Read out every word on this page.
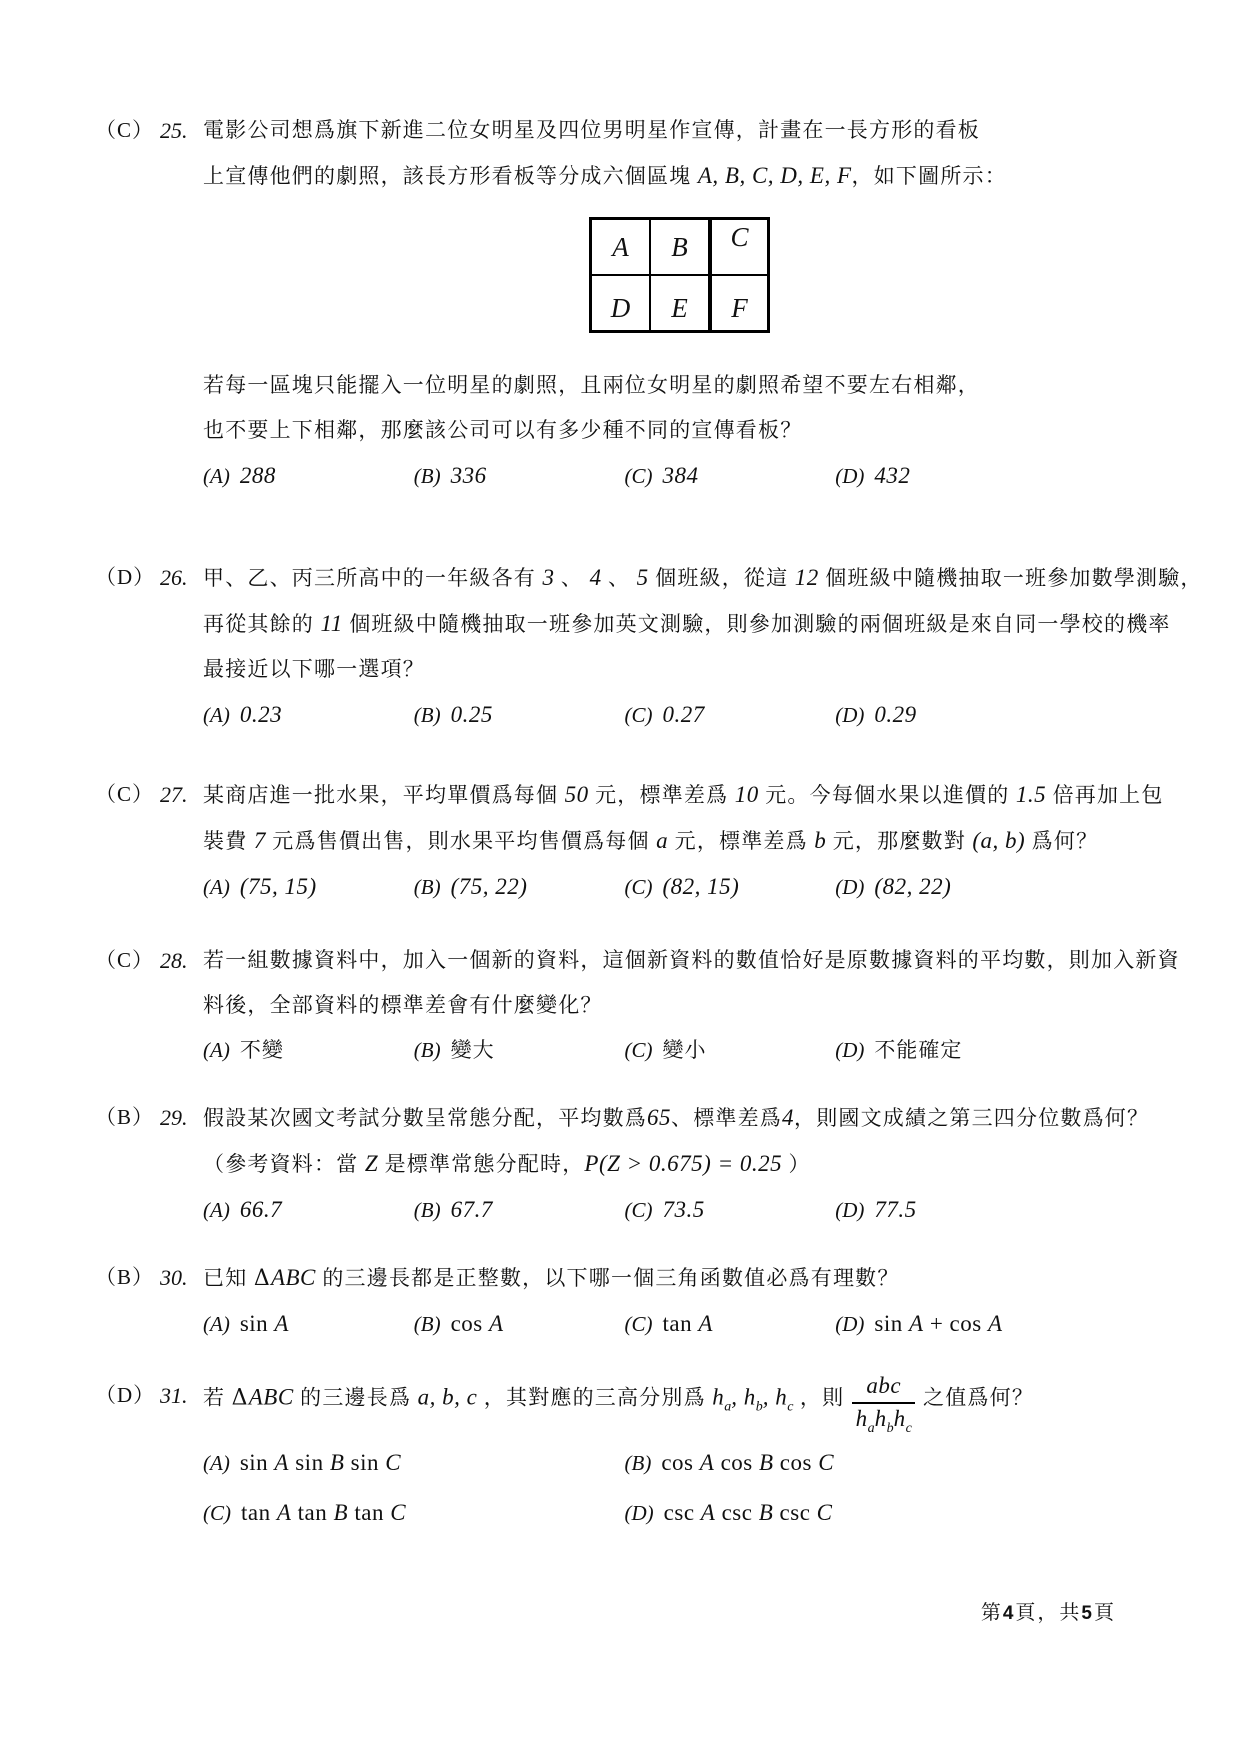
（C） 25. 電影公司想爲旗下新進二位女明星及四位男明星作宣傳，計畫在一長方形的看板
上宣傳他們的劇照，該長方形看板等分成六個區塊 A, B, C, D, E, F，如下圖所示：
A B C
D E F
若每一區塊只能擺入一位明星的劇照，且兩位女明星的劇照希望不要左右相鄰，
也不要上下相鄰，那麼該公司可以有多少種不同的宣傳看板？
(A) 288	(B) 336	(C) 384	(D) 432
（D） 26. 甲、乙、丙三所高中的一年級各有 3 、 4 、 5 個班級，從這 12 個班級中隨機抽取一班參加數學測驗，
再從其餘的 11 個班級中隨機抽取一班參加英文測驗，則參加測驗的兩個班級是來自同一學校的機率
最接近以下哪一選項？
(A) 0.23	(B) 0.25	(C) 0.27	(D) 0.29
（C） 27. 某商店進一批水果，平均單價爲每個 50 元，標準差爲 10 元。今每個水果以進價的 1.5 倍再加上包
裝費 7 元爲售價出售，則水果平均售價爲每個 a 元，標準差爲 b 元，那麼數對 (a, b) 爲何？
(A) (75, 15)	(B) (75, 22)	(C) (82, 15)	(D) (82, 22)
（C） 28. 若一組數據資料中，加入一個新的資料，這個新資料的數值恰好是原數據資料的平均數，則加入新資
料後，全部資料的標準差會有什麼變化？
(A) 不變	(B) 變大	(C) 變小	(D) 不能確定
（B） 29. 假設某次國文考試分數呈常態分配，平均數爲65、標準差爲4，則國文成績之第三四分位數爲何？
（參考資料：當 Z 是標準常態分配時，P(Z > 0.675) = 0.25 ）
(A) 66.7	(B) 67.7	(C) 73.5	(D) 77.5
（B） 30. 已知 ΔABC 的三邊長都是正整數，以下哪一個三角函數值必爲有理數？
(A) sin A	(B) cos A	(C) tan A	(D) sin A + cos A
（D） 31. 若 ΔABC 的三邊長爲 a, b, c ，其對應的三高分別爲 $h_a$, $h_b$, $h_c$ ，則 $\frac{\text{abc}}{h_ah_bh_c}$ 之值爲何？
(A) sin A sin B sin C	(B) cos A cos B cos C
(C) tan A tan B tan C	(D) csc A csc B csc C
第4頁，共5頁
